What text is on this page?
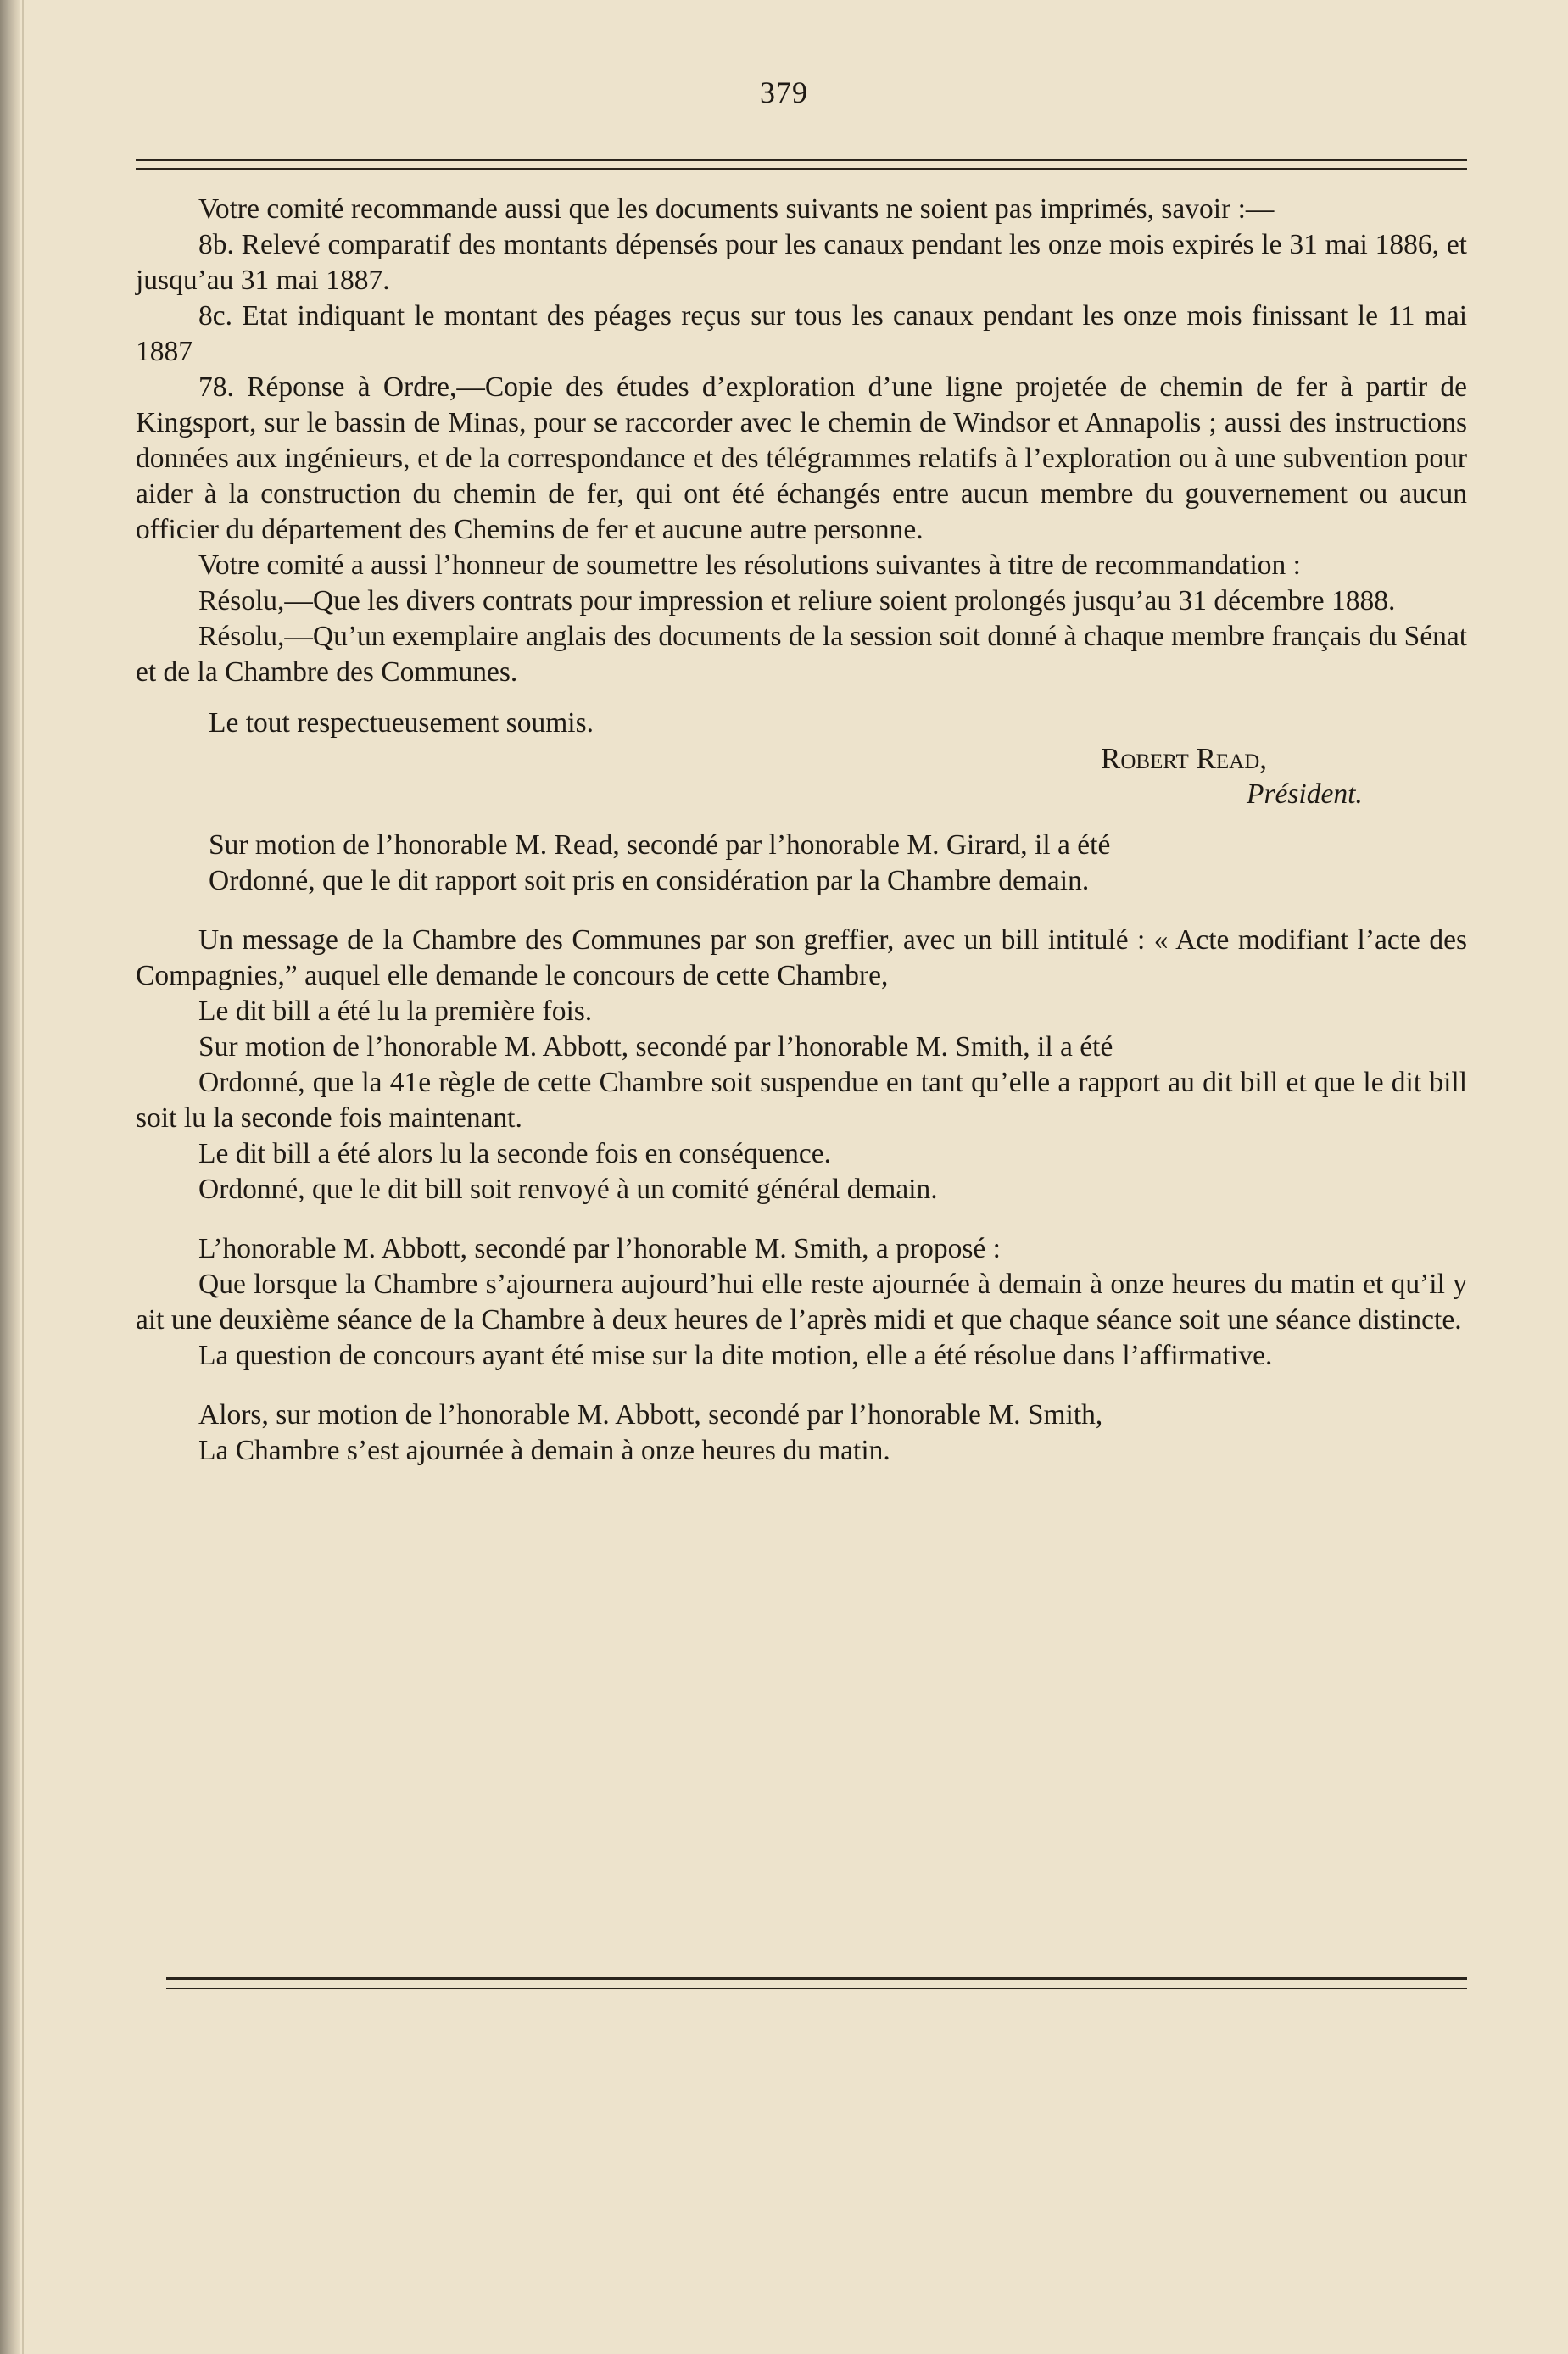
379

Votre comité recommande aussi que les documents suivants ne soient pas imprimés, savoir :—

8b. Relevé comparatif des montants dépensés pour les canaux pendant les onze mois expirés le 31 mai 1886, et jusqu’au 31 mai 1887.

8c. Etat indiquant le montant des péages reçus sur tous les canaux pendant les onze mois finissant le 11 mai 1887

78. Réponse à Ordre,—Copie des études d’exploration d’une ligne projetée de chemin de fer à partir de Kingsport, sur le bassin de Minas, pour se raccorder avec le chemin de Windsor et Annapolis ; aussi des instructions données aux ingénieurs, et de la correspondance et des télégrammes relatifs à l’exploration ou à une subvention pour aider à la construction du chemin de fer, qui ont été échangés entre aucun membre du gouvernement ou aucun officier du département des Chemins de fer et aucune autre personne.

Votre comité a aussi l’honneur de soumettre les résolutions suivantes à titre de recommandation :

Résolu,—Que les divers contrats pour impression et reliure soient prolongés jusqu’au 31 décembre 1888.

Résolu,—Qu’un exemplaire anglais des documents de la session soit donné à chaque membre français du Sénat et de la Chambre des Communes.

Le tout respectueusement soumis.

Robert Read,

Président.

Sur motion de l’honorable M. Read, secondé par l’honorable M. Girard, il a été

Ordonné, que le dit rapport soit pris en considération par la Chambre demain.

Un message de la Chambre des Communes par son greffier, avec un bill intitulé : « Acte modifiant l’acte des Compagnies,” auquel elle demande le concours de cette Chambre,

Le dit bill a été lu la première fois.

Sur motion de l’honorable M. Abbott, secondé par l’honorable M. Smith, il a été

Ordonné, que la 41e règle de cette Chambre soit suspendue en tant qu’elle a rapport au dit bill et que le dit bill soit lu la seconde fois maintenant.

Le dit bill a été alors lu la seconde fois en conséquence.

Ordonné, que le dit bill soit renvoyé à un comité général demain.

L’honorable M. Abbott, secondé par l’honorable M. Smith, a proposé :

Que lorsque la Chambre s’ajournera aujourd’hui elle reste ajournée à demain à onze heures du matin et qu’il y ait une deuxième séance de la Chambre à deux heures de l’après midi et que chaque séance soit une séance distincte.

La question de concours ayant été mise sur la dite motion, elle a été résolue dans l’affirmative.

Alors, sur motion de l’honorable M. Abbott, secondé par l’honorable M. Smith,

La Chambre s’est ajournée à demain à onze heures du matin.
